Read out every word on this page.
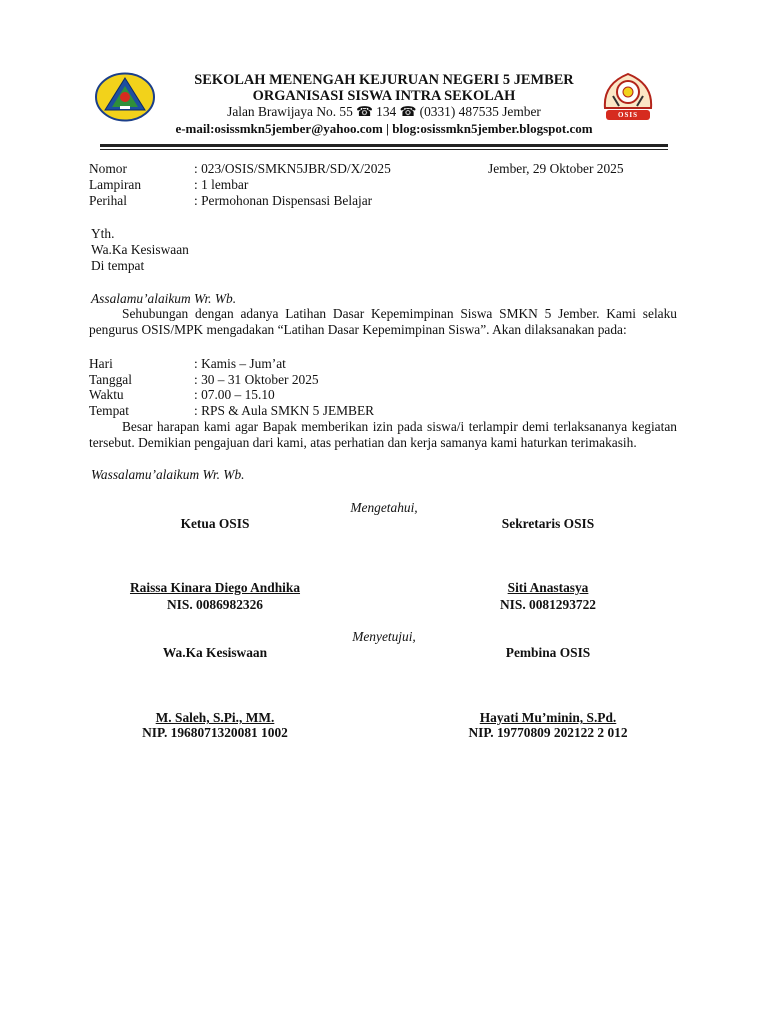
OSIS
SEKOLAH MENENGAH KEJURUAN NEGERI 5 JEMBER
ORGANISASI SISWA INTRA SEKOLAH
Jalan Brawijaya No. 55 ☎ 134 ☎ (0331) 487535 Jember
e-mail:osissmkn5jember@yahoo.com | blog:osissmkn5jember.blogspot.com
Nomor	: 023/OSIS/SMKN5JBR/SD/X/2025	Jember, 29 Oktober 2025
Lampiran	: 1 lembar
Perihal	: Permohonan Dispensasi Belajar
Yth.
Wa.Ka Kesiswaan
Di tempat
Assalamu’alaikum Wr. Wb.
Sehubungan dengan adanya Latihan Dasar Kepemimpinan Siswa SMKN 5 Jember. Kami selaku pengurus OSIS/MPK mengadakan “Latihan Dasar Kepemimpinan Siswa”. Akan dilaksanakan pada:
Hari	: Kamis – Jum’at
Tanggal	: 30 – 31 Oktober 2025
Waktu	: 07.00 – 15.10
Tempat	: RPS & Aula SMKN 5 JEMBER
Besar harapan kami agar Bapak memberikan izin pada siswa/i terlampir demi terlaksananya kegiatan tersebut. Demikian pengajuan dari kami, atas perhatian dan kerja samanya kami haturkan terimakasih.
Wassalamu’alaikum Wr. Wb.
Mengetahui,
Ketua OSIS	Sekretaris OSIS
Raissa Kinara Diego Andhika	Siti Anastasya
NIS. 0086982326	NIS. 0081293722
Menyetujui,
Wa.Ka Kesiswaan	Pembina OSIS
M. Saleh, S.Pi., MM.	Hayati Mu’minin, S.Pd.
NIP. 1968071320081 1002	NIP. 19770809 202122 2 012
